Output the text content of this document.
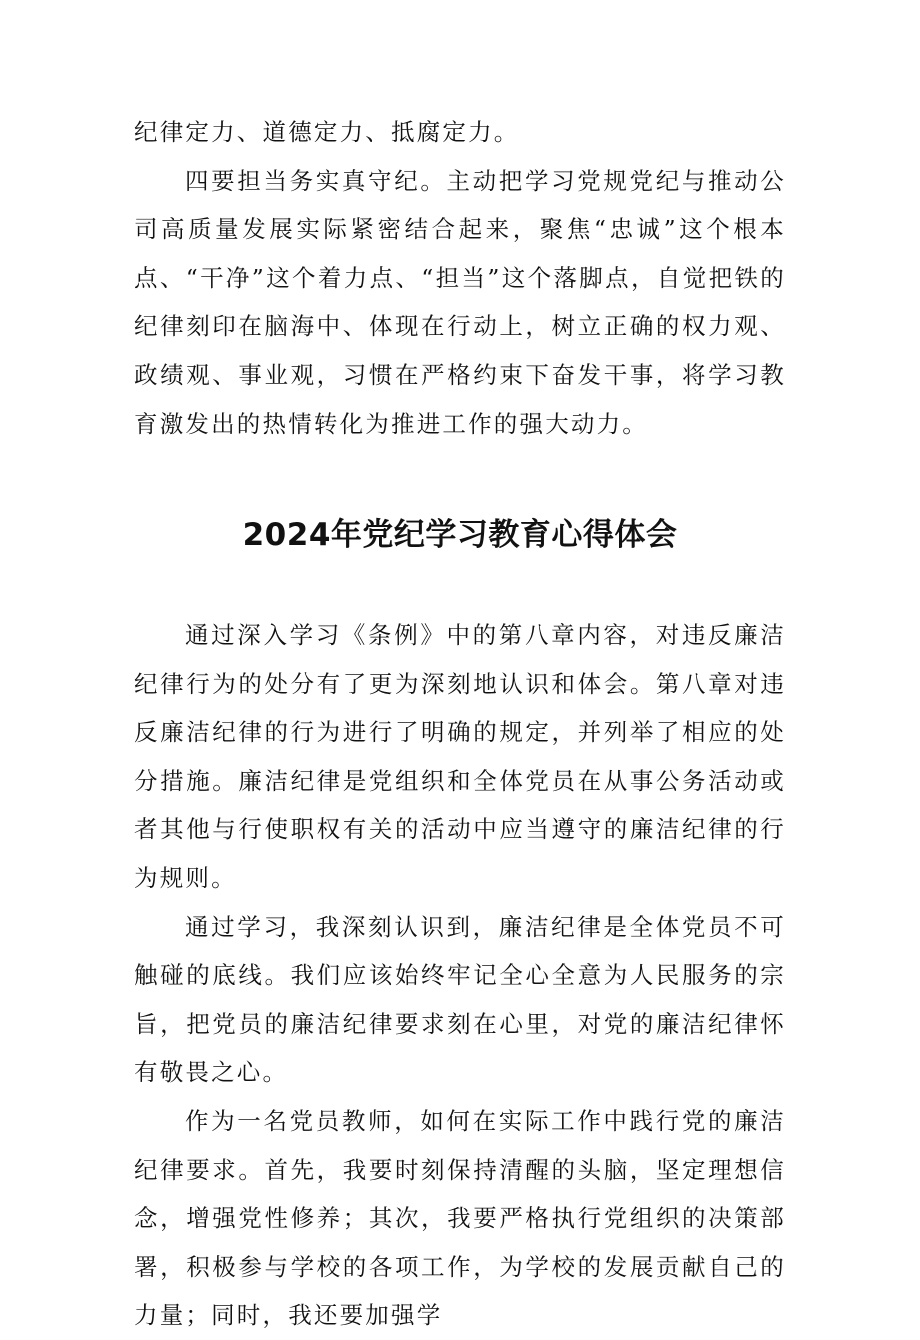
纪律定力、道德定力、抵腐定力。

四要担当务实真守纪。主动把学习党规党纪与推动公司高质量发展实际紧密结合起来，聚焦“忠诚”这个根本点、“干净”这个着力点、“担当”这个落脚点，自觉把铁的纪律刻印在脑海中、体现在行动上，树立正确的权力观、政绩观、事业观，习惯在严格约束下奋发干事，将学习教育激发出的热情转化为推进工作的强大动力。

2024年党纪学习教育心得体会

通过深入学习《条例》中的第八章内容，对违反廉洁纪律行为的处分有了更为深刻地认识和体会。第八章对违反廉洁纪律的行为进行了明确的规定，并列举了相应的处分措施。廉洁纪律是党组织和全体党员在从事公务活动或者其他与行使职权有关的活动中应当遵守的廉洁纪律的行为规则。

通过学习，我深刻认识到，廉洁纪律是全体党员不可触碰的底线。我们应该始终牢记全心全意为人民服务的宗旨，把党员的廉洁纪律要求刻在心里，对党的廉洁纪律怀有敬畏之心。

作为一名党员教师，如何在实际工作中践行党的廉洁纪律要求。首先，我要时刻保持清醒的头脑，坚定理想信念，增强党性修养；其次，我要严格执行党组织的决策部署，积极参与学校的各项工作，为学校的发展贡献自己的力量；同时，我还要加强学
